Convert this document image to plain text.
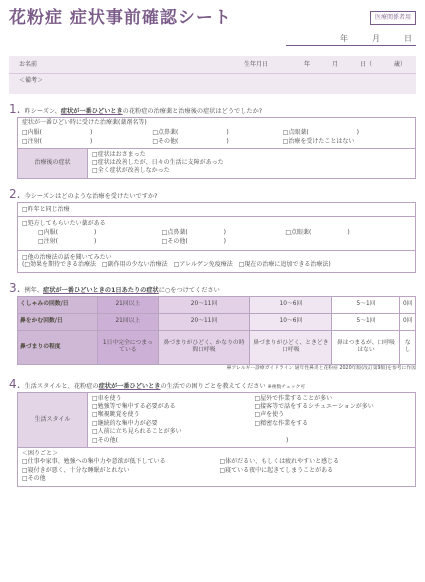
花粉症 症状事前確認シート	医療関係者用
年	月	日
お名前	生年月日	年	月	日（	歳）
＜備考＞
1. 昨シーズン、症状が一番ひどいときの花粉症の治療薬と治療後の症状はどうでしたか?
症状が一番ひどい時に受けた治療薬(薬剤名等)
□内服(　　　　　　　　)	□点鼻薬(　　　　　　　　)	□点眼薬(　　　　　　　　)
□注射(　　　　　　　　)	□その他(　　　　　　　　)	□治療を受けたことはない
治療後の症状
□症状はおさまった
□症状は改善したが、日々の生活に支障があった
□全く症状が改善しなかった
2. 今シーズンはどのような治療を受けたいですか?
□昨年と同じ治療
□処方してもらいたい薬がある
□内服(　　　　　　)	□点鼻薬(　　　　　　)	□点眼薬(　　　　　　)
□注射(　　　　　　)	□その他(　　　　　　)
□他の治療法の話を聞いてみたい
(□効果を期待できる治療法　□副作用の少ない治療法　□アレルゲン免疫療法　□現在の治療に追加できる治療法)
3. 例年、症状が一番ひどいときの1日あたりの症状に○をつけてください
くしゃみの回数/日	21回以上	20〜11回	10〜6回	5〜1回	0回
鼻をかむ回数/日	21回以上	20〜11回	10〜6回	5〜1回	0回
鼻づまりの程度	1日中完全につまっている	鼻づまりがひどく、かなりの時間口呼吸	鼻づまりがひどく、ときどき口呼吸	鼻はつまるが、口呼吸はない	なし
鼻アレルギー診療ガイドライン 通年性鼻炎と花粉症 2020年版(改訂第9版)を参考に作図
4. 生活スタイルと、花粉症の症状が一番ひどいときの生活での困りごとを教えてください ※複数チェック可
生活スタイル
□車を使う
□勉強等で集中する必要がある
□喉視眺覚を使う
□継続的な集中力が必要
□人前に立ち見られることが多い
□屋外で作業することが多い
□接客等で話をするシチュエーションが多い
□声を使う
□精密な作業をする
□その他(　　　　　　　　　　　　　　　　　　　　　　　　　　　　)
＜困りごと＞
□仕事や家事、勉強への集中力や意欲が低下している	□体がだるい、もしくは疲れやすいと感じる
□寝付きが悪く、十分な睡眠がとれない	□寝ている夜中に起きてしまうことがある
□その他
